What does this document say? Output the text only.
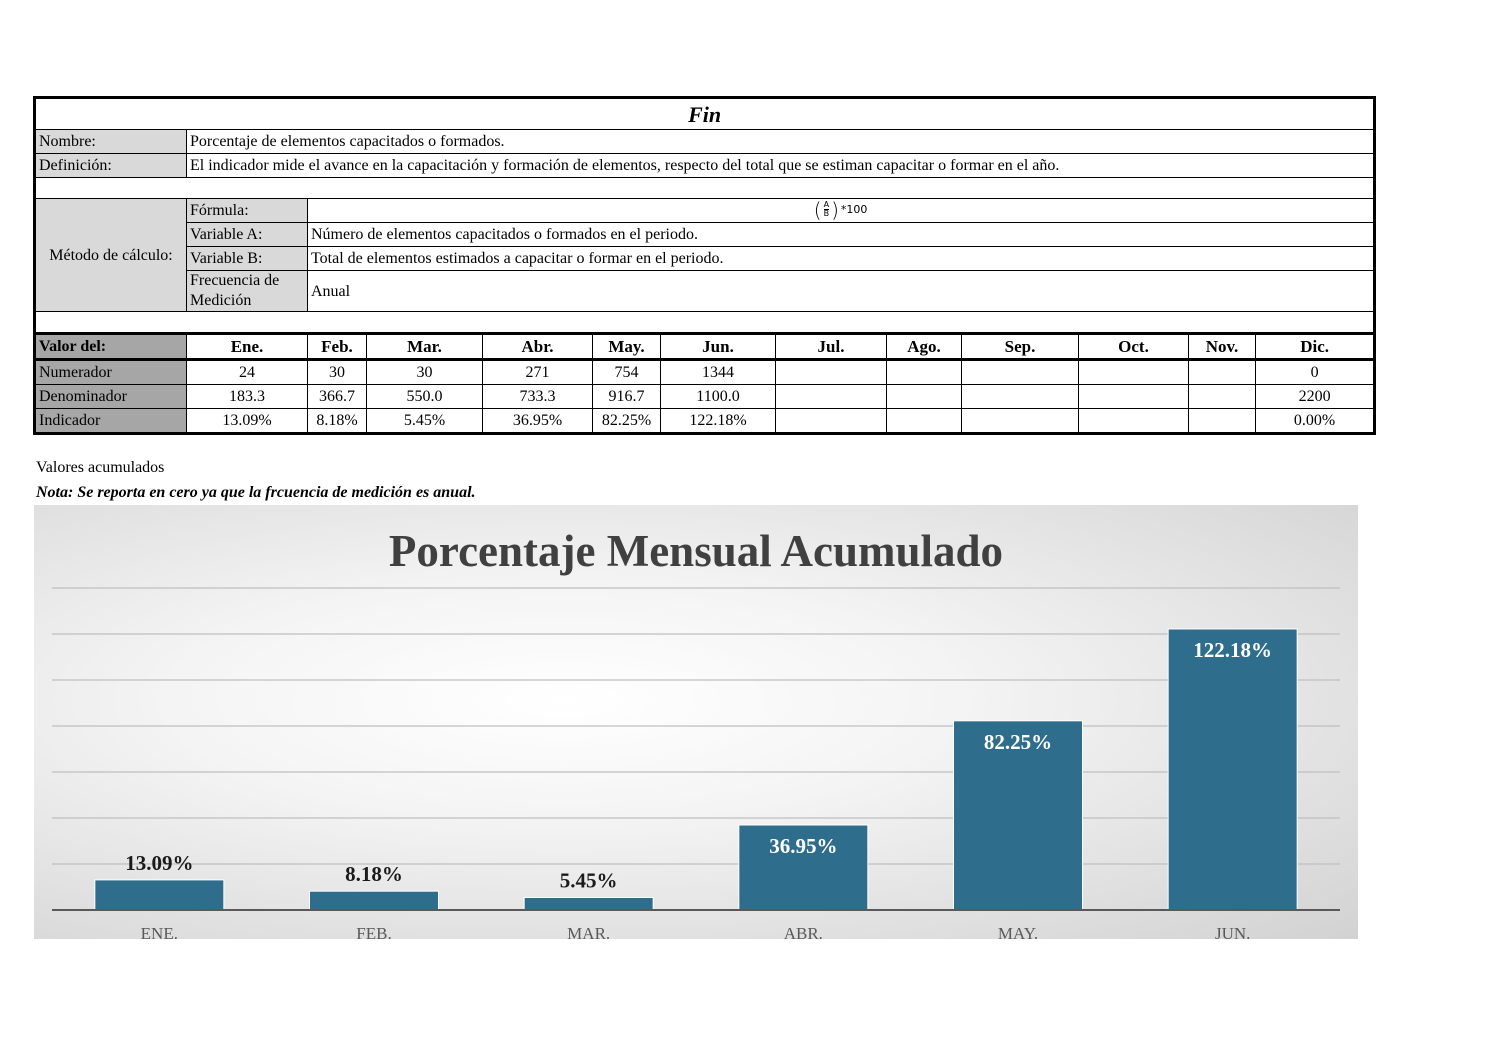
Fin												
Nombre:	Porcentaje de elementos capacitados o formados.											
Definición:	El indicador mide el avance en la capacitación y formación de elementos, respecto del total que se estiman capacitar o formar en el año.											

Método de cálculo:	Fórmula:	( $\frac{A}{B}$ ) *100										

	Variable A:	Número de elementos capacitados o formados en el periodo.										
	Variable B:	Total de elementos estimados a capacitar o formar en el periodo.										
	Frecuencia de Medición	Anual										

Valor del:	Ene.	Feb.	Mar.	Abr.	May.	Jun.	Jul.	Ago.	Sep.	Oct.	Nov.	Dic.
Numerador	24	30	30	271	754	1344						0
Denominador	183.3	366.7	550.0	733.3	916.7	1100.0						2200
Indicador	13.09%	8.18%	5.45%	36.95%	82.25%	122.18%						0.00%
Valores acumulados
Nota: Se reporta en cero ya que la frcuencia de medición es anual.
Porcentaje Mensual Acumulado
13.09%
ENE.
8.18%
FEB.
5.45%
MAR.
36.95%
ABR.
82.25%
MAY.
122.18%
JUN.
